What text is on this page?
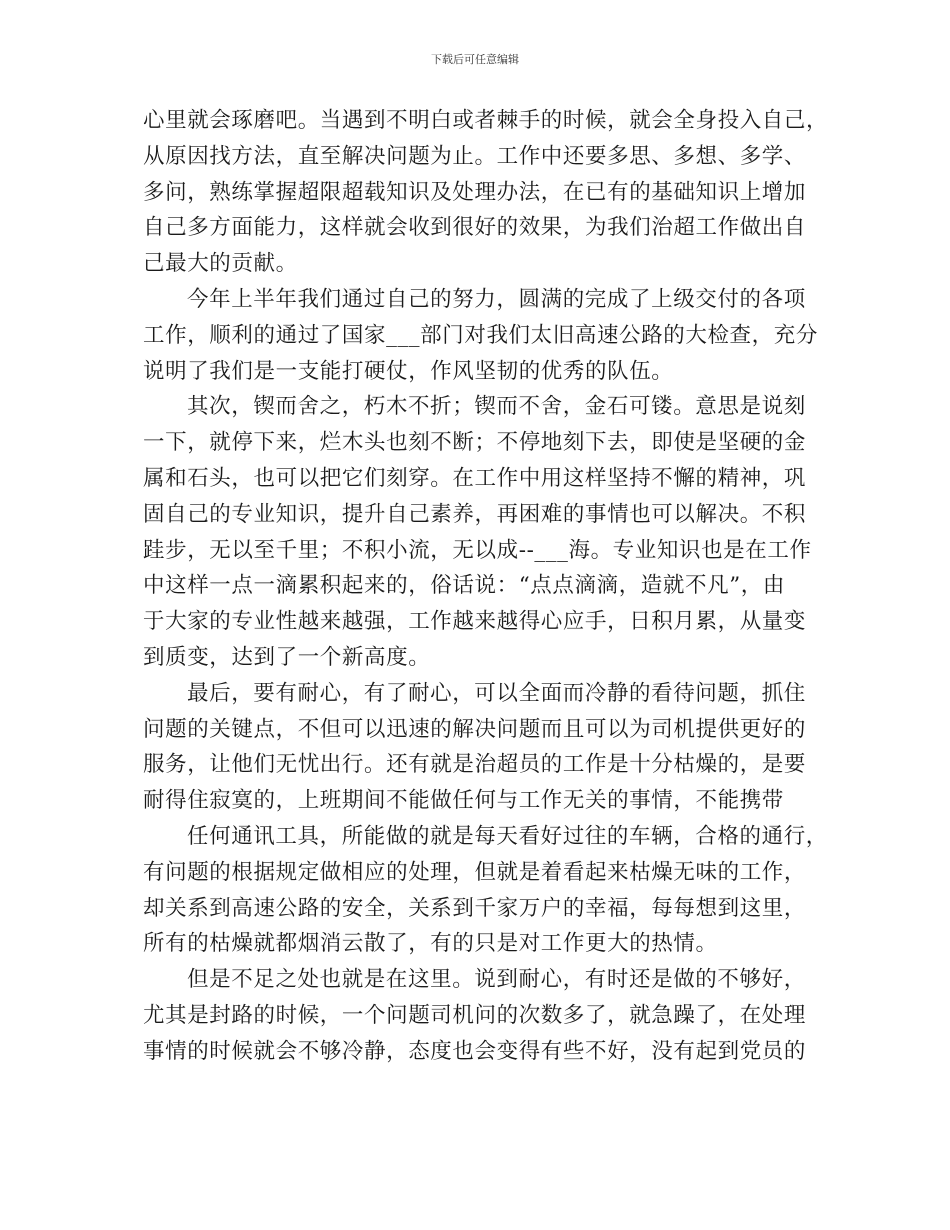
下载后可任意编辑
心里就会琢磨吧。当遇到不明白或者棘手的时候，就会全身投入自己，
从原因找方法，直至解决问题为止。工作中还要多思、多想、多学、
多问，熟练掌握超限超载知识及处理办法，在已有的基础知识上增加
自己多方面能力，这样就会收到很好的效果，为我们治超工作做出自
己最大的贡献。
今年上半年我们通过自己的努力，圆满的完成了上级交付的各项
工作，顺利的通过了国家___部门对我们太旧高速公路的大检查，充分
说明了我们是一支能打硬仗，作风坚韧的优秀的队伍。
其次，锲而舍之，朽木不折；锲而不舍，金石可镂。意思是说刻
一下，就停下来，烂木头也刻不断；不停地刻下去，即使是坚硬的金
属和石头，也可以把它们刻穿。在工作中用这样坚持不懈的精神，巩
固自己的专业知识，提升自己素养，再困难的事情也可以解决。不积
跬步，无以至千里；不积小流，无以成--___海。专业知识也是在工作
中这样一点一滴累积起来的，俗话说：“点点滴滴，造就不凡”，由
于大家的专业性越来越强，工作越来越得心应手，日积月累，从量变
到质变，达到了一个新高度。
最后，要有耐心，有了耐心，可以全面而冷静的看待问题，抓住
问题的关键点，不但可以迅速的解决问题而且可以为司机提供更好的
服务，让他们无忧出行。还有就是治超员的工作是十分枯燥的，是要
耐得住寂寞的，上班期间不能做任何与工作无关的事情，不能携带
任何通讯工具，所能做的就是每天看好过往的车辆，合格的通行，
有问题的根据规定做相应的处理，但就是着看起来枯燥无味的工作，
却关系到高速公路的安全，关系到千家万户的幸福，每每想到这里，
所有的枯燥就都烟消云散了，有的只是对工作更大的热情。
但是不足之处也就是在这里。说到耐心，有时还是做的不够好，
尤其是封路的时候，一个问题司机问的次数多了，就急躁了，在处理
事情的时候就会不够冷静，态度也会变得有些不好，没有起到党员的
